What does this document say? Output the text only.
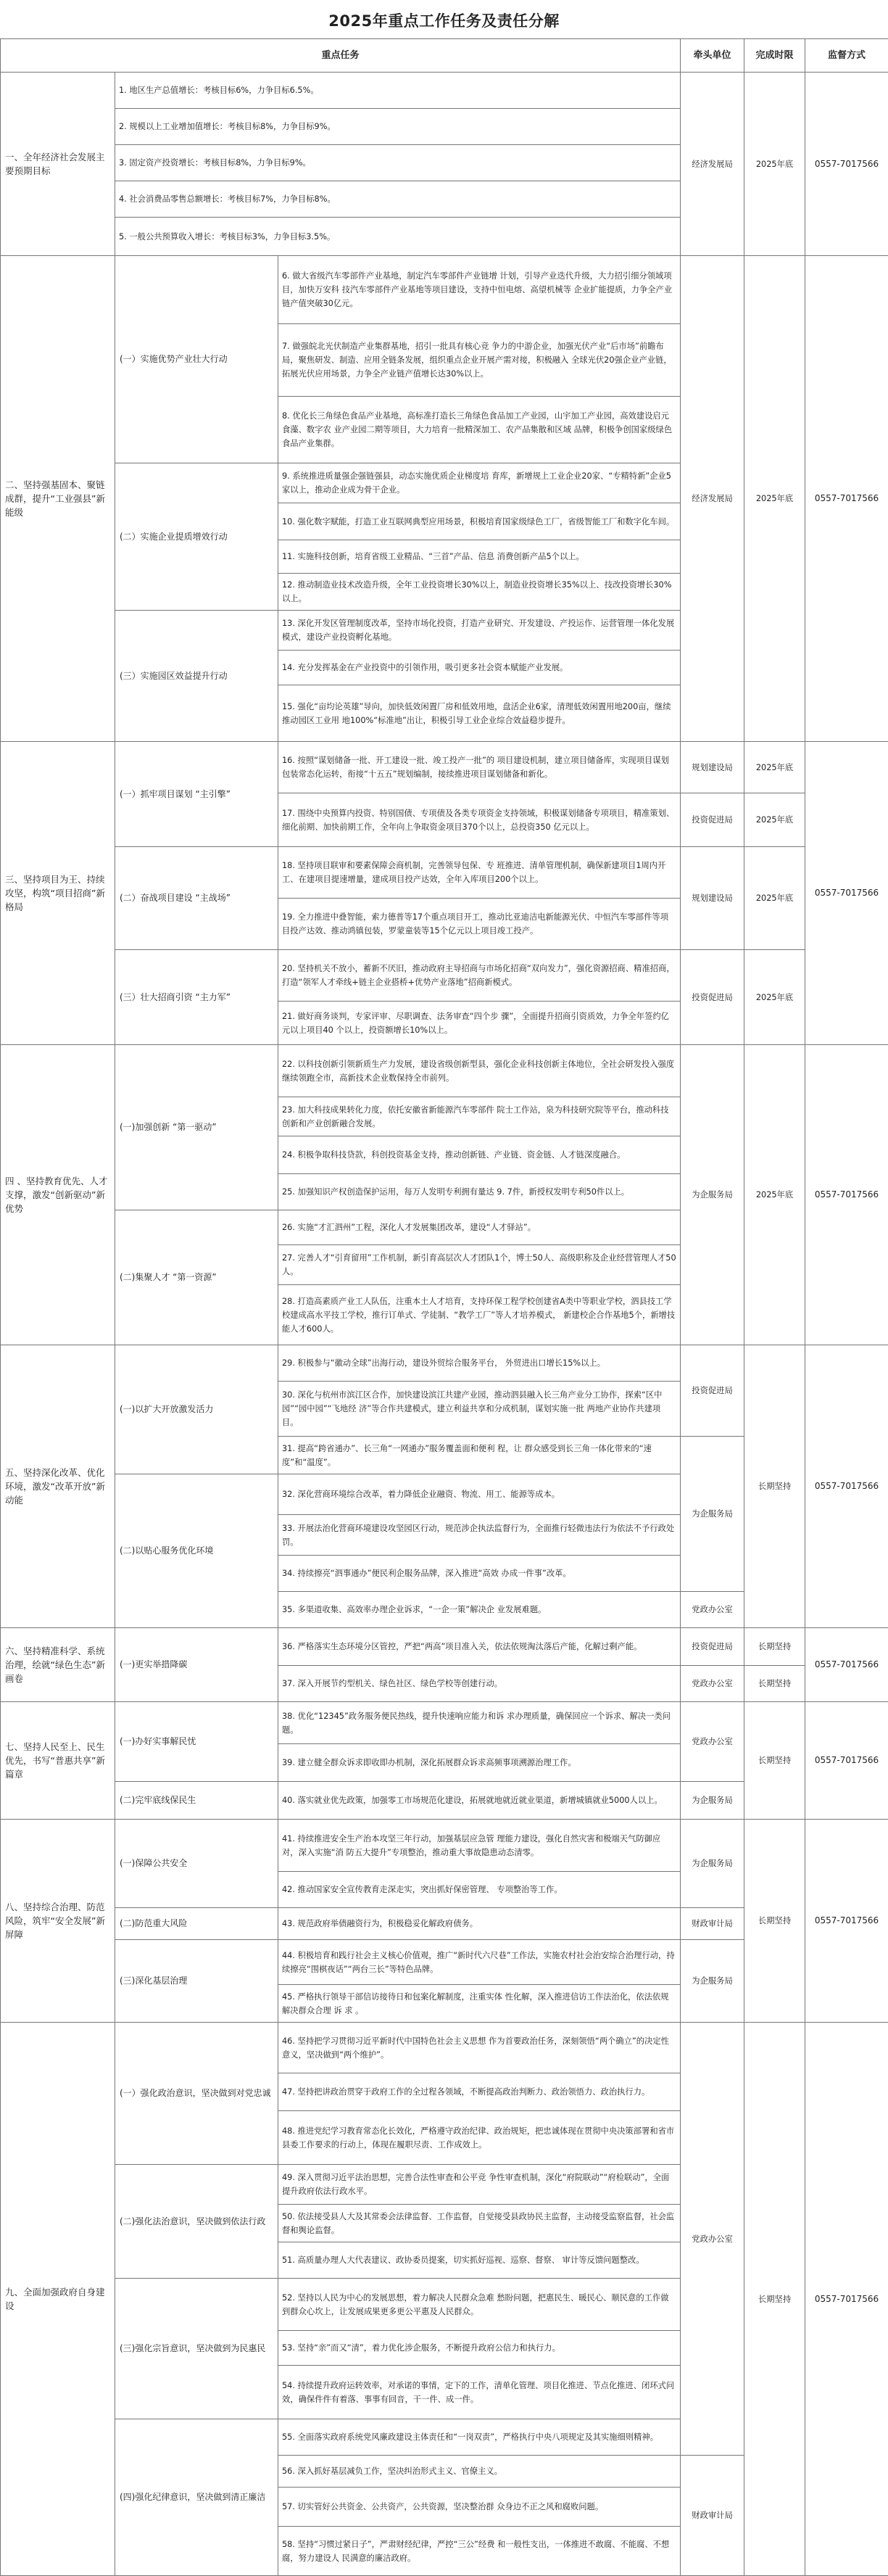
2025年重点工作任务及责任分解
重点任务			牵头单位	完成时限	监督方式
一、全年经济社会发展主要预期目标	1. 地区生产总值增长：考核目标6%，力争目标6.5%。		经济发展局	2025年底	0557-7017566
	2. 规模以上工业增加值增长：考核目标8%，力争目标9%。				
	3. 固定资产投资增长：考核目标8%，力争目标9%。				
	4. 社会消费品零售总额增长：考核目标7%，力争目标8%。				
	5. 一般公共预算收入增长：考核目标3%，力争目标3.5%。				
二、坚持强基固本、聚链成群，提升“工业强县”新能级	(一）实施优势产业壮大行动	6. 做大省级汽车零部件产业基地，制定汽车零部件产业链增 计划，引导产业迭代升级，大力招引细分领域项目，加快万安科 技汽车零部件产业基地等项目建设，支持中恒电熔、高望机械等 企业扩能提质，力争全产业链产值突破30亿元。	经济发展局	2025年底	0557-7017566
		7. 做强皖北光伏制造产业集群基地，招引一批具有核心竞 争力的中游企业，加强光伏产业“后市场”前瞻布局，聚焦研发、制造、应用全链条发展，组织重点企业开展产需对接，积极融入 全球光伏20强企业产业链，拓展光伏应用场景，力争全产业链产值增长达30%以上。			
		8. 优化长三角绿色食品产业基地，高标准打造长三角绿色食品加工产业园，山宇加工产业园，高效建设启元食藻、数字农 业产业园二期等项目，大力培育一批精深加工、农产品集散和区域 品牌，积极争创国家级绿色食品产业集群。			
	(二）实施企业提质增效行动	9. 系统推进质量强企强链强县，动态实施优质企业梯度培 育库，新增规上工业企业20家、“专精特新”企业5家以上，推动企业成为骨干企业。			
		10. 强化数字赋能，打造工业互联网典型应用场景，积极培育国家级绿色工厂，省级智能工厂和数字化车间。			
		11. 实施科技创新，培育省级工业精品、“三首”产品、信息 消费创新产品5个以上。			
		12. 推动制造业技术改造升级，全年工业投资增长30%以上，制造业投资增长35%以上、技改投资增长30%以上。			
	(三）实施园区效益提升行动	13. 深化开发区管理制度改革，坚持市场化投资，打造产业研究、开发建设、产投运作、运营管理一体化发展模式，建设产业投资孵化基地。			
		14. 充分发挥基金在产业投资中的引领作用，吸引更多社会资本赋能产业发展。			
		15. 强化“亩均论英雄”导向，加快低效闲置厂房和低效用地，盘活企业6家，清理低效闲置用地200亩，继续推动园区工业用 地100%“标准地”出让，积极引导工业企业综合效益稳步提升。			
三、坚持项目为王、持续攻坚，构筑“项目招商”新格局	(一）抓牢项目谋划 “主引擎”	16. 按照“谋划储备一批、开工建设一批、竣工投产一批”的 项目建设机制，建立项目储备库，实现项目谋划包装常态化运转，衔接“十五五”规划编制，接续推进项目谋划储备和新化。	规划建设局	2025年底	0557-7017566
		17. 围绕中央预算内投资、特别国债、专项债及各类专项资金支持领域，积极谋划储备专项项目，精准策划、细化前期、加快前期工作，全年向上争取资金项目370个以上，总投资350 亿元以上。	投资促进局	2025年底	
	(二）奋战项目建设 “主战场”	18. 坚持项目联审和要素保障会商机制，完善领导包保、专 班推进、清单管理机制，确保新建项目1周内开工、在建项目提速增量，建成项目投产达效，全年入库项目200个以上。	规划建设局	2025年底	
		19. 全力推进中叠智能，索力德普等17个重点项目开工，推动比亚迪洁电新能源光伏、中恒汽车零部件等项目投产达效、推动鸿镇包装，罗蒙童装等15个亿元以上项目竣工投产。			
	(三）壮大招商引资 “主力军”	20. 坚持机关不放小，蓄新不厌旧，推动政府主导招商与市场化招商“双向发力”，强化资源招商、精准招商，打造“领军人才牵线+链主企业搭桥+优势产业落地”招商新模式。	投资促进局	2025年底	
		21. 做好商务谈判，专家评审、尽职调查、法务审查“四个步 骤”，全面提升招商引资质效，力争全年签约亿元以上项目40 个以上，投资额增长10%以上。			
四 、坚持教育优先、人才支撑，激发“创新驱动”新优势	(一)加强创新 “第一驱动”	22. 以科技创新引领新质生产力发展，建设省级创新型县，强化企业科技创新主体地位，全社会研发投入强度继续领跑全市，高新技术企业数保持全市前列。	为企服务局	2025年底	0557-7017566
		23. 加大科技成果转化力度，依托安徽省新能源汽车零部件 院士工作站，泉为科技研究院等平台，推动科技创新和产业创新融合发展。			
		24. 积极争取科技贷款，科创投资基金支持，推动创新链、产业链、资金链、人才链深度融合。			
		25. 加强知识产权创造保护运用，每万人发明专利拥有量达 9. 7件，新授权发明专利50件以上。			
	(二)集聚人才 “第一资源”	26. 实施“才汇泗州”工程，深化人才发展集团改革，建设“人才驿站”。			
		27. 完善人才“引育留用”工作机制，新引育高层次人才团队1个，博士50人、高级职称及企业经营管理人才50人。			
		28. 打造高素质产业工人队伍，注重本土人才培育，支持环保工程学校创建省A类中等职业学校，泗县技工学校建成高水平技工学校，推行订单式、学徒制、“教学工厂”等人才培养模式， 新建校企合作基地5个，新增技能人才600人。			
五、坚持深化改革、优化环境，激发“改革开放”新动能	(一)以扩大开放激发活力	29. 积极参与“徽动全球”出海行动，建设外贸综合服务平台， 外贸进出口增长15%以上。	投资促进局	长期坚持	0557-7017566
		30. 深化与杭州市滨江区合作，加快建设滨江共建产业园，推动泗县融入长三角产业分工协作，探索“区中园”“园中园”“飞地经 济”等合作共建模式，建立利益共享和分成机制，谋划实施一批 两地产业协作共建项目。			
		31. 提高“跨省通办”、长三角“一网通办”服务覆盖面和便利 程，让 群众感受到长三角一体化带来的“速度”和“温度”。	为企服务局		
	(二)以贴心服务优化环境	32. 深化营商环境综合改革，着力降低企业融资、物流、用工、能源等成本。			
		33. 开展法治化营商环境建设攻坚园区行动，规范涉企执法监督行为，全面推行轻微违法行为依法不予行政处罚。			
		34. 持续擦亮“泗事通办”便民利企服务品牌，深入推进“高效 办成一件事”改革。			
		35. 多渠道收集、高效率办理企业诉求，“一企一策”解决企 业发展难题。	党政办公室		
六、坚持精准科学、系统治理，绘就“绿色生态”新画卷	(一)更实举措降碳	36. 严格落实生态环境分区管控，严把“两高”项目准入关，依法依规淘汰落后产能，化解过剩产能。	投资促进局	长期坚持	0557-7017566
		37. 深入开展节约型机关、绿色社区、绿色学校等创建行动。	党政办公室	长期坚持	
七、坚持人民至上、民生优先，书写“普惠共享”新篇章	(一)办好实事解民忧	38. 优化“12345”政务服务便民热线，提升快速响应能力和诉 求办理质量，确保回应一个诉求、解决一类问题。	党政办公室	长期坚持	0557-7017566
		39. 建立健全群众诉求即收即办机制，深化拓展群众诉求高频事项溯源治理工作。			
	(二)完牢底线保民生	40. 落实就业优先政策，加强零工市场规范化建设，拓展就地就近就业渠道，新增城镇就业5000人以上。	为企服务局		
八、坚持综合治理、防范风险，筑牢“安全发展”新屏障	(一)保障公共安全	41. 持续推进安全生产治本攻坚三年行动，加强基层应急管 理能力建设，强化自然灾害和极端天气防御应对，深入实施“消 防五大提升”专项整治，推动重大事故隐患动态清零。	为企服务局	长期坚持	0557-7017566
		42. 推动国家安全宣传教育走深走实，突出抓好保密管理、 专项整治等工作。			
	(二)防范重大风险	43. 规范政府举债融资行为，积极稳妥化解政府债务。	财政审计局		
	(三)深化基层治理	44. 积极培育和践行社会主义核心价值观，推广“新时代六尺巷”工作法，实施农村社会治安综合治理行动，持续擦亮“围棋夜话”“两台三长”等特色品牌。	为企服务局		
		45. 严格执行领导干部信访接待日和包案化解制度，注重实体 性化解，深入推进信访工作法治化，依法依规解决群众合理 诉 求 。			
九、全面加强政府自身建设	(一）强化政治意识，坚决做到对党忠诚	46. 坚持把学习贯彻习近平新时代中国特色社会主义思想 作为首要政治任务，深刻领悟“两个确立”的决定性意义，坚决做到“两个维护”。	党政办公室	长期坚持	0557-7017566
		47. 坚持把讲政治贯穿于政府工作的全过程各领域，不断提高政治判断力、政治领悟力、政治执行力。			
		48. 推进党纪学习教育常态化长效化，严格遵守政治纪律、政治规矩，把忠诚体现在贯彻中央决策部署和省市县委工作要求的行动上，体现在履职尽责、工作成效上。			
	(二)强化法治意识，坚决做到依法行政	49. 深入贯彻习近平法治思想，完善合法性审查和公平竞 争性审查机制，深化“府院联动”“府检联动”，全面提升政府依法行政水平。			
		50. 依法接受县人大及其常委会法律监督、工作监督，自觉接受县政协民主监督，主动接受监察监督，社会监督和舆论监督。			
		51. 高质量办理人大代表建议、政协委员提案，切实抓好巡视、巡察、督察、 审计等反馈问题整改。			
	(三)强化宗旨意识，坚决做到为民惠民	52. 坚持以人民为中心的发展思想，着力解决人民群众急难 愁盼问题，把惠民生、暖民心、顺民意的工作做到群众心坎上，让发展成果更多更公平惠及人民群众。			
		53. 坚持“亲”而又“清”，着力优化涉企服务，不断提升政府公信力和执行力。			
		54. 持续提升政府运转效率，对承诺的事情，定下的工作，清单化管理、项目化推进、节点化推进、闭环式问效，确保件件有着落、事事有回音，干一件、成一件。			
	(四)强化纪律意识，坚决做到清正廉洁	55. 全面落实政府系统党风廉政建设主体责任和“一岗双责”，严格执行中央八项规定及其实施细则精神。			
		56. 深入抓好基层减负工作，坚决纠治形式主义、官僚主义。	财政审计局		
		57. 切实管好公共资金、公共资产，公共资源，坚决整治群 众身边不正之风和腐败问题。			
		58. 坚持“习惯过紧日子”，严肃财经纪律，严控“三公”经费 和一般性支出，一体推进不敢腐、不能腐、不想腐，努力建设人 民满意的廉洁政府。			
